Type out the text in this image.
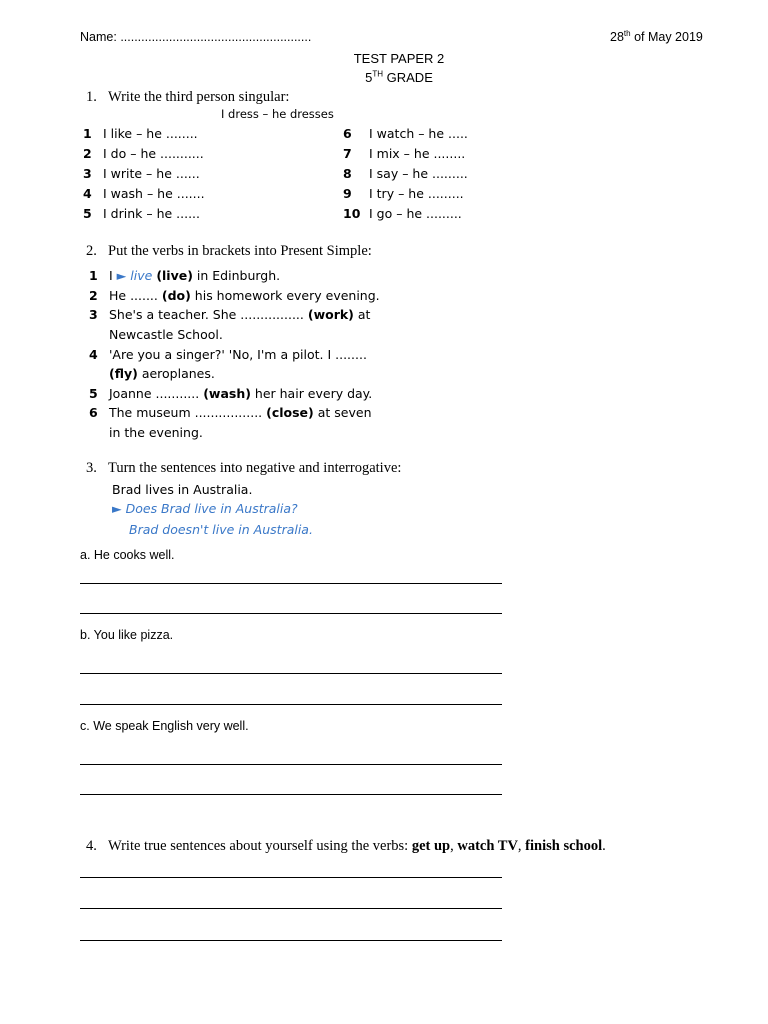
Name: .......................................................	28th of May 2019
TEST PAPER 2
5TH GRADE
1. Write the third person singular:
I dress – he dresses
1 I like – he ........
2 I do – he ...........
3 I write – he ......
4 I wash – he .......
5 I drink – he ......
6 I watch – he .....
7 I mix – he ........
8 I say – he .........
9 I try – he .........
10 I go – he .........
2. Put the verbs in brackets into Present Simple:
1 I ► live (live) in Edinburgh.
2 He ....... (do) his homework every evening.
3 She's a teacher. She ................ (work) at
Newcastle School.
4 'Are you a singer?' 'No, I'm a pilot. I ........
(fly) aeroplanes.
5 Joanne ........... (wash) her hair every day.
6 The museum ................. (close) at seven
in the evening.
3. Turn the sentences into negative and interrogative:
Brad lives in Australia.
► Does Brad live in Australia?
Brad doesn't live in Australia.
a. He cooks well.
b. You like pizza.
c. We speak English very well.
4. Write true sentences about yourself using the verbs: get up, watch TV, finish school.
